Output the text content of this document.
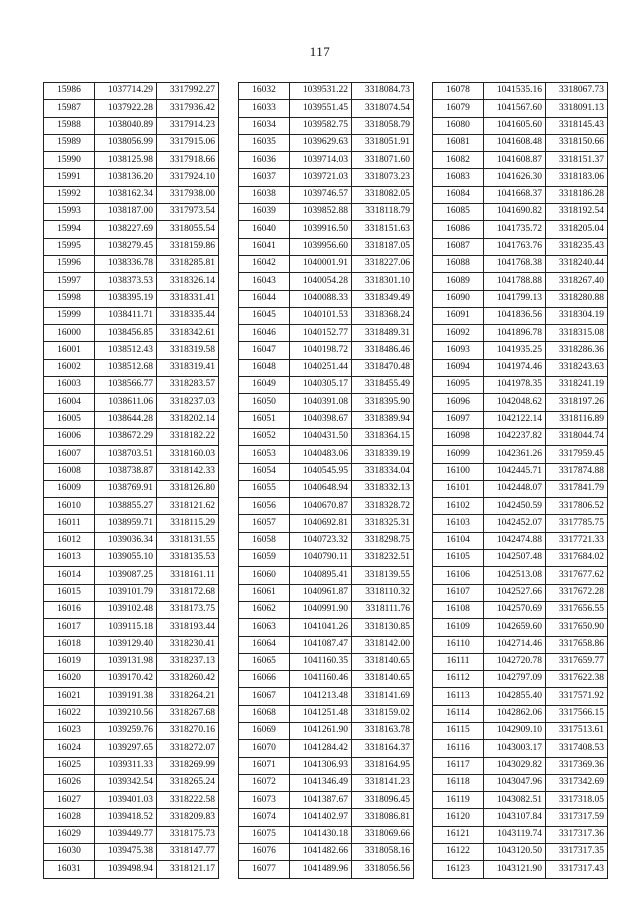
117
15986	1037714.29	3317992.27
15987	1037922.28	3317936.42
15988	1038040.89	3317914.23
15989	1038056.99	3317915.06
15990	1038125.98	3317918.66
15991	1038136.20	3317924.10
15992	1038162.34	3317938.00
15993	1038187.00	3317973.54
15994	1038227.69	3318055.54
15995	1038279.45	3318159.86
15996	1038336.78	3318285.81
15997	1038373.53	3318326.14
15998	1038395.19	3318331.41
15999	1038411.71	3318335.44
16000	1038456.85	3318342.61
16001	1038512.43	3318319.58
16002	1038512.68	3318319.41
16003	1038566.77	3318283.57
16004	1038611.06	3318237.03
16005	1038644.28	3318202.14
16006	1038672.29	3318182.22
16007	1038703.51	3318160.03
16008	1038738.87	3318142.33
16009	1038769.91	3318126.80
16010	1038855.27	3318121.62
16011	1038959.71	3318115.29
16012	1039036.34	3318131.55
16013	1039055.10	3318135.53
16014	1039087.25	3318161.11
16015	1039101.79	3318172.68
16016	1039102.48	3318173.75
16017	1039115.18	3318193.44
16018	1039129.40	3318230.41
16019	1039131.98	3318237.13
16020	1039170.42	3318260.42
16021	1039191.38	3318264.21
16022	1039210.56	3318267.68
16023	1039259.76	3318270.16
16024	1039297.65	3318272.07
16025	1039311.33	3318269.99
16026	1039342.54	3318265.24
16027	1039401.03	3318222.58
16028	1039418.52	3318209.83
16029	1039449.77	3318175.73
16030	1039475.38	3318147.77
16031	1039498.94	3318121.17
16032	1039531.22	3318084.73
16033	1039551.45	3318074.54
16034	1039582.75	3318058.79
16035	1039629.63	3318051.91
16036	1039714.03	3318071.60
16037	1039721.03	3318073.23
16038	1039746.57	3318082.05
16039	1039852.88	3318118.79
16040	1039916.50	3318151.63
16041	1039956.60	3318187.05
16042	1040001.91	3318227.06
16043	1040054.28	3318301.10
16044	1040088.33	3318349.49
16045	1040101.53	3318368.24
16046	1040152.77	3318489.31
16047	1040198.72	3318486.46
16048	1040251.44	3318470.48
16049	1040305.17	3318455.49
16050	1040391.08	3318395.90
16051	1040398.67	3318389.94
16052	1040431.50	3318364.15
16053	1040483.06	3318339.19
16054	1040545.95	3318334.04
16055	1040648.94	3318332.13
16056	1040670.87	3318328.72
16057	1040692.81	3318325.31
16058	1040723.32	3318298.75
16059	1040790.11	3318232.51
16060	1040895.41	3318139.55
16061	1040961.87	3318110.32
16062	1040991.90	3318111.76
16063	1041041.26	3318130.85
16064	1041087.47	3318142.00
16065	1041160.35	3318140.65
16066	1041160.46	3318140.65
16067	1041213.48	3318141.69
16068	1041251.48	3318159.02
16069	1041261.90	3318163.78
16070	1041284.42	3318164.37
16071	1041306.93	3318164.95
16072	1041346.49	3318141.23
16073	1041387.67	3318096.45
16074	1041402.97	3318086.81
16075	1041430.18	3318069.66
16076	1041482.66	3318058.16
16077	1041489.96	3318056.56
16078	1041535.16	3318067.73
16079	1041567.60	3318091.13
16080	1041605.60	3318145.43
16081	1041608.48	3318150.66
16082	1041608.87	3318151.37
16083	1041626.30	3318183.06
16084	1041668.37	3318186.28
16085	1041690.82	3318192.54
16086	1041735.72	3318205.04
16087	1041763.76	3318235.43
16088	1041768.38	3318240.44
16089	1041788.88	3318267.40
16090	1041799.13	3318280.88
16091	1041836.56	3318304.19
16092	1041896.78	3318315.08
16093	1041935.25	3318286.36
16094	1041974.46	3318243.63
16095	1041978.35	3318241.19
16096	1042048.62	3318197.26
16097	1042122.14	3318116.89
16098	1042237.82	3318044.74
16099	1042361.26	3317959.45
16100	1042445.71	3317874.88
16101	1042448.07	3317841.79
16102	1042450.59	3317806.52
16103	1042452.07	3317785.75
16104	1042474.88	3317721.33
16105	1042507.48	3317684.02
16106	1042513.08	3317677.62
16107	1042527.66	3317672.28
16108	1042570.69	3317656.55
16109	1042659.60	3317650.90
16110	1042714.46	3317658.86
16111	1042720.78	3317659.77
16112	1042797.09	3317622.38
16113	1042855.40	3317571.92
16114	1042862.06	3317566.15
16115	1042909.10	3317513.61
16116	1043003.17	3317408.53
16117	1043029.82	3317369.36
16118	1043047.96	3317342.69
16119	1043082.51	3317318.05
16120	1043107.84	3317317.59
16121	1043119.74	3317317.36
16122	1043120.50	3317317.35
16123	1043121.90	3317317.43
